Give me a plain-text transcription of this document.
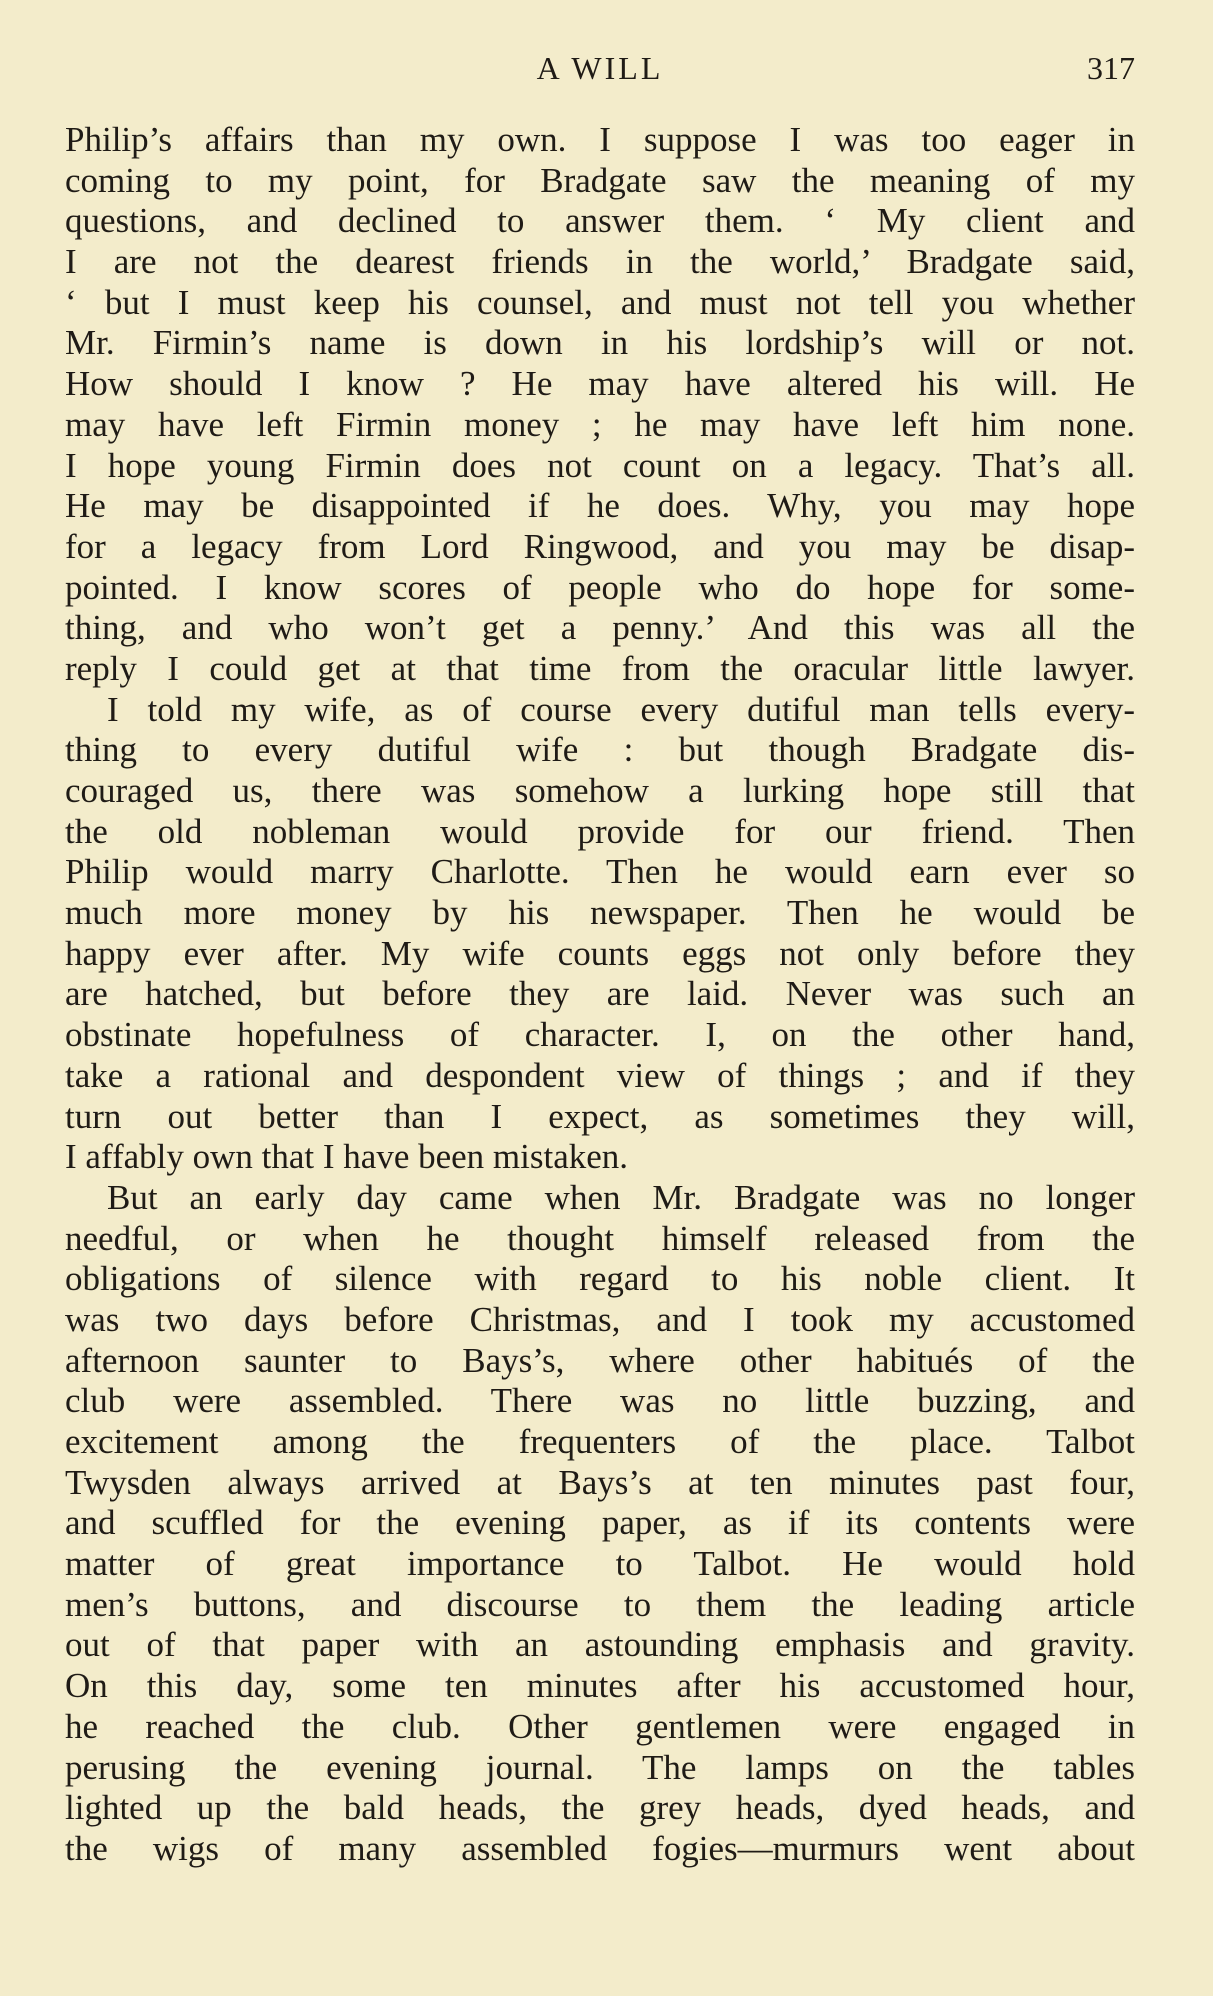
A WILL	317
Philip’s affairs than my own. I suppose I was too eager in
coming to my point, for Bradgate saw the meaning of my
questions, and declined to answer them. ‘ My client and
I are not the dearest friends in the world,’ Bradgate said,
‘ but I must keep his counsel, and must not tell you whether
Mr. Firmin’s name is down in his lordship’s will or not.
How should I know ? He may have altered his will. He
may have left Firmin money ; he may have left him none.
I hope young Firmin does not count on a legacy. That’s all.
He may be disappointed if he does. Why, you may hope
for a legacy from Lord Ringwood, and you may be disap-
pointed. I know scores of people who do hope for some-
thing, and who won’t get a penny.’ And this was all the
reply I could get at that time from the oracular little lawyer.
I told my wife, as of course every dutiful man tells every-
thing to every dutiful wife : but though Bradgate dis-
couraged us, there was somehow a lurking hope still that
the old nobleman would provide for our friend. Then
Philip would marry Charlotte. Then he would earn ever so
much more money by his newspaper. Then he would be
happy ever after. My wife counts eggs not only before they
are hatched, but before they are laid. Never was such an
obstinate hopefulness of character. I, on the other hand,
take a rational and despondent view of things ; and if they
turn out better than I expect, as sometimes they will,
I affably own that I have been mistaken.
But an early day came when Mr. Bradgate was no longer
needful, or when he thought himself released from the
obligations of silence with regard to his noble client. It
was two days before Christmas, and I took my accustomed
afternoon saunter to Bays’s, where other habitués of the
club were assembled. There was no little buzzing, and
excitement among the frequenters of the place. Talbot
Twysden always arrived at Bays’s at ten minutes past four,
and scuffled for the evening paper, as if its contents were
matter of great importance to Talbot. He would hold
men’s buttons, and discourse to them the leading article
out of that paper with an astounding emphasis and gravity.
On this day, some ten minutes after his accustomed hour,
he reached the club. Other gentlemen were engaged in
perusing the evening journal. The lamps on the tables
lighted up the bald heads, the grey heads, dyed heads, and
the wigs of many assembled fogies—murmurs went about
